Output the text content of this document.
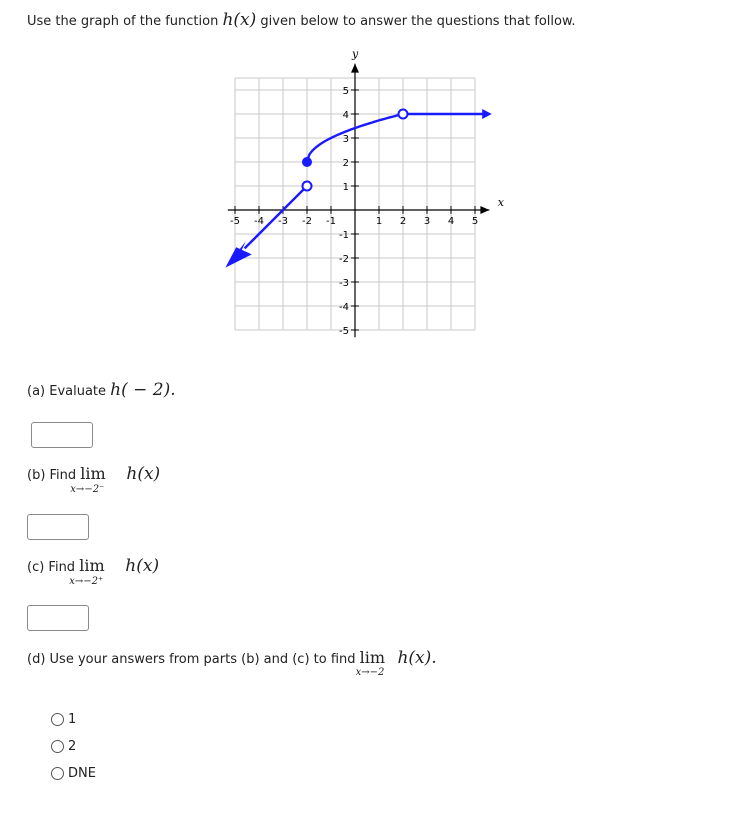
Use the graph of the function h(x) given below to answer the questions that follow.
x
y
-5 -4 -3 -2 -1	1 2 3 4 5
5
4
3
2
1
-1
-2
-3
-4
-5
(a) Evaluate h( − 2).
(b) Find lim
x→−2⁻
h(x)
(c) Find lim
x→−2⁺
h(x)
(d) Use your answers from parts (b) and (c) to find lim
x→−2
h(x).
1
2
DNE
